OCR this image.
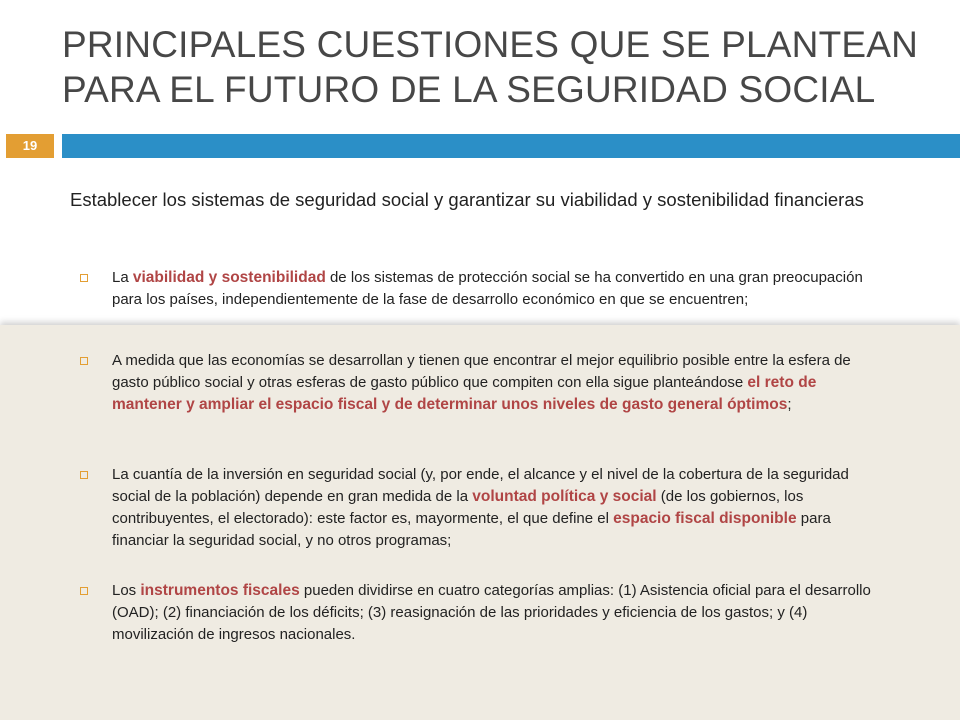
PRINCIPALES CUESTIONES QUE SE PLANTEAN
PARA EL FUTURO DE LA SEGURIDAD SOCIAL
19
Establecer los sistemas de seguridad social y garantizar su viabilidad y sostenibilidad financieras
La viabilidad y sostenibilidad de los sistemas de protección social se ha convertido en una gran preocupación para los países, independientemente de la fase de desarrollo económico en que se encuentren;
A medida que las economías se desarrollan y tienen que encontrar el mejor equilibrio posible entre la esfera de gasto público social y otras esferas de gasto público que compiten con ella sigue planteándose el reto de mantener y ampliar el espacio fiscal y de determinar unos niveles de gasto general óptimos;
La cuantía de la inversión en seguridad social (y, por ende, el alcance y el nivel de la cobertura de la seguridad social de la población) depende en gran medida de la voluntad política y social (de los gobiernos, los contribuyentes, el electorado): este factor es, mayormente, el que define el espacio fiscal disponible para financiar la seguridad social, y no otros programas;
Los instrumentos fiscales pueden dividirse en cuatro categorías amplias: (1) Asistencia oficial para el desarrollo (OAD); (2) financiación de los déficits; (3) reasignación de las prioridades y eficiencia de los gastos; y (4) movilización de ingresos nacionales.
